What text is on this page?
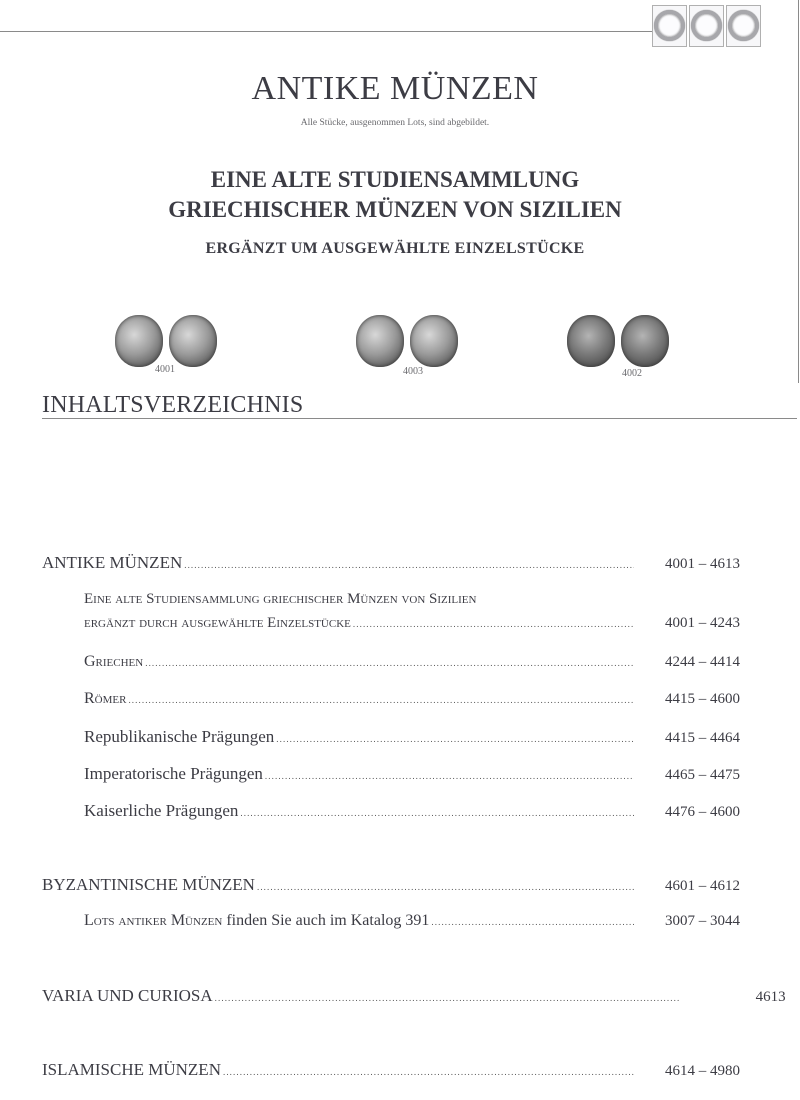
ANTIKE MÜNZEN
Alle Stücke, ausgenommen Lots, sind abgebildet.
EINE ALTE STUDIENSAMMLUNG
GRIECHISCHER MÜNZEN VON SIZILIEN
ERGÄNZT UM AUSGEWÄHLTE EINZELSTÜCKE
4001	4003	4002
INHALTSVERZEICHNIS
ANTIKE MÜNZEN .....	4001 – 4613
Eine alte Studiensammlung griechischer Münzen von Sizilien
ergänzt durch ausgewählte Einzelstücke .....	4001 – 4243
Griechen .....	4244 – 4414
Römer .....	4415 – 4600
Republikanische Prägungen .....	4415 – 4464
Imperatorische Prägungen .....	4465 – 4475
Kaiserliche Prägungen .....	4476 – 4600
BYZANTINISCHE MÜNZEN .....	4601 – 4612
Lots antiker Münzen finden Sie auch im Katalog 391 .....	3007 – 3044
VARIA UND CURIOSA .....	4613
ISLAMISCHE MÜNZEN .....	4614 – 4980
